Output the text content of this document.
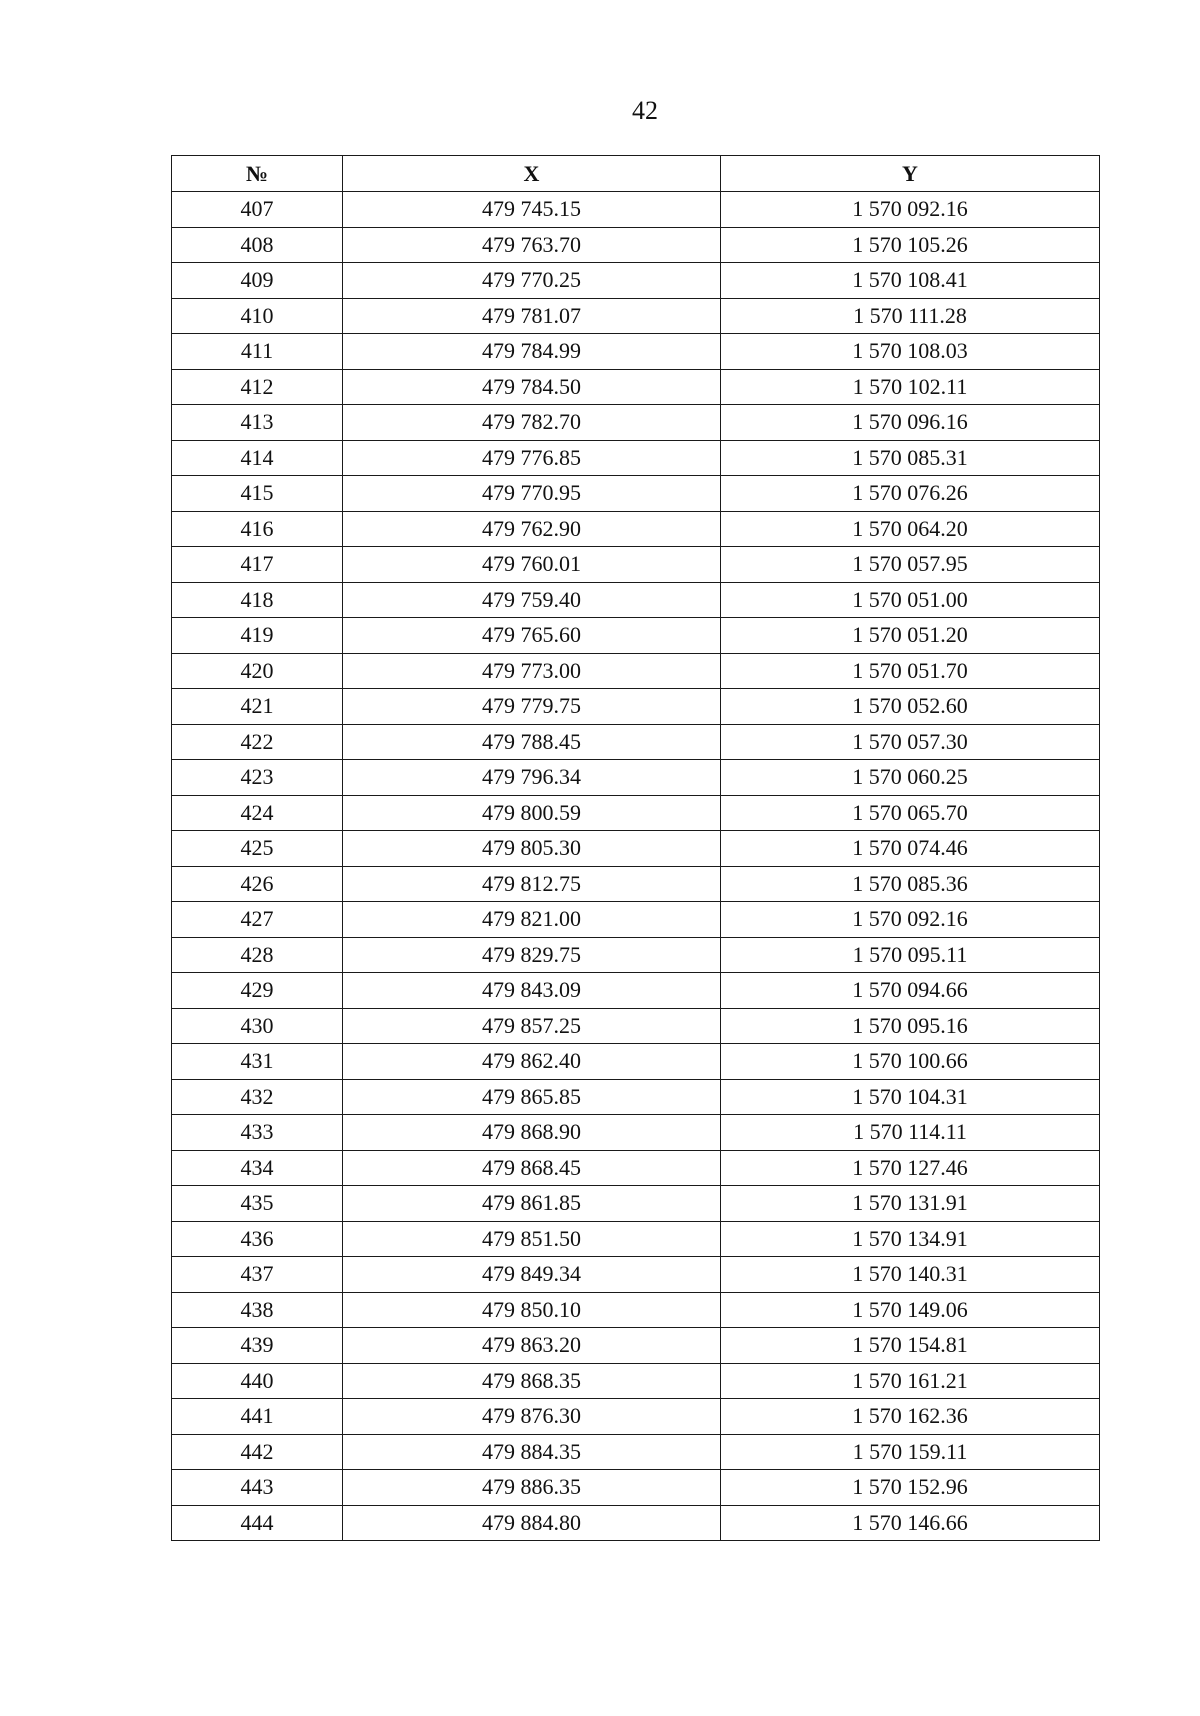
42
№	X	Y
407	479 745.15	1 570 092.16
408	479 763.70	1 570 105.26
409	479 770.25	1 570 108.41
410	479 781.07	1 570 111.28
411	479 784.99	1 570 108.03
412	479 784.50	1 570 102.11
413	479 782.70	1 570 096.16
414	479 776.85	1 570 085.31
415	479 770.95	1 570 076.26
416	479 762.90	1 570 064.20
417	479 760.01	1 570 057.95
418	479 759.40	1 570 051.00
419	479 765.60	1 570 051.20
420	479 773.00	1 570 051.70
421	479 779.75	1 570 052.60
422	479 788.45	1 570 057.30
423	479 796.34	1 570 060.25
424	479 800.59	1 570 065.70
425	479 805.30	1 570 074.46
426	479 812.75	1 570 085.36
427	479 821.00	1 570 092.16
428	479 829.75	1 570 095.11
429	479 843.09	1 570 094.66
430	479 857.25	1 570 095.16
431	479 862.40	1 570 100.66
432	479 865.85	1 570 104.31
433	479 868.90	1 570 114.11
434	479 868.45	1 570 127.46
435	479 861.85	1 570 131.91
436	479 851.50	1 570 134.91
437	479 849.34	1 570 140.31
438	479 850.10	1 570 149.06
439	479 863.20	1 570 154.81
440	479 868.35	1 570 161.21
441	479 876.30	1 570 162.36
442	479 884.35	1 570 159.11
443	479 886.35	1 570 152.96
444	479 884.80	1 570 146.66
